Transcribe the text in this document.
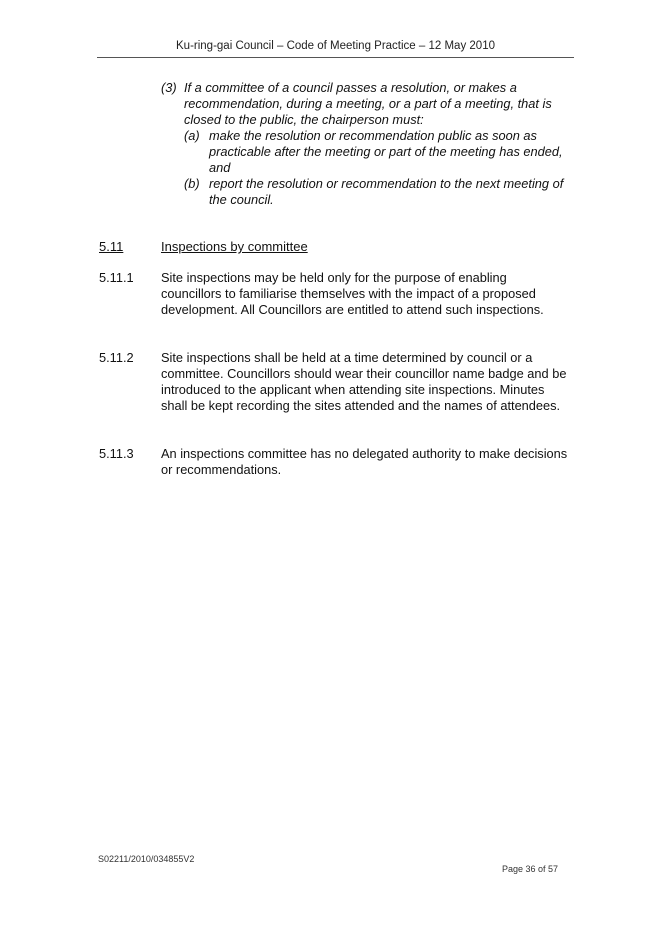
Ku-ring-gai Council – Code of Meeting Practice – 12 May 2010
(3) If a committee of a council passes a resolution, or makes a recommendation, during a meeting, or a part of a meeting, that is closed to the public, the chairperson must:
(a) make the resolution or recommendation public as soon as practicable after the meeting or part of the meeting has ended, and
(b) report the resolution or recommendation to the next meeting of the council.
5.11	Inspections by committee
5.11.1	Site inspections may be held only for the purpose of enabling councillors to familiarise themselves with the impact of a proposed development. All Councillors are entitled to attend such inspections.
5.11.2	Site inspections shall be held at a time determined by council or a committee. Councillors should wear their councillor name badge and be introduced to the applicant when attending site inspections. Minutes shall be kept recording the sites attended and the names of attendees.
5.11.3	An inspections committee has no delegated authority to make decisions or recommendations.
S02211/2010/034855V2
Page 36 of 57
